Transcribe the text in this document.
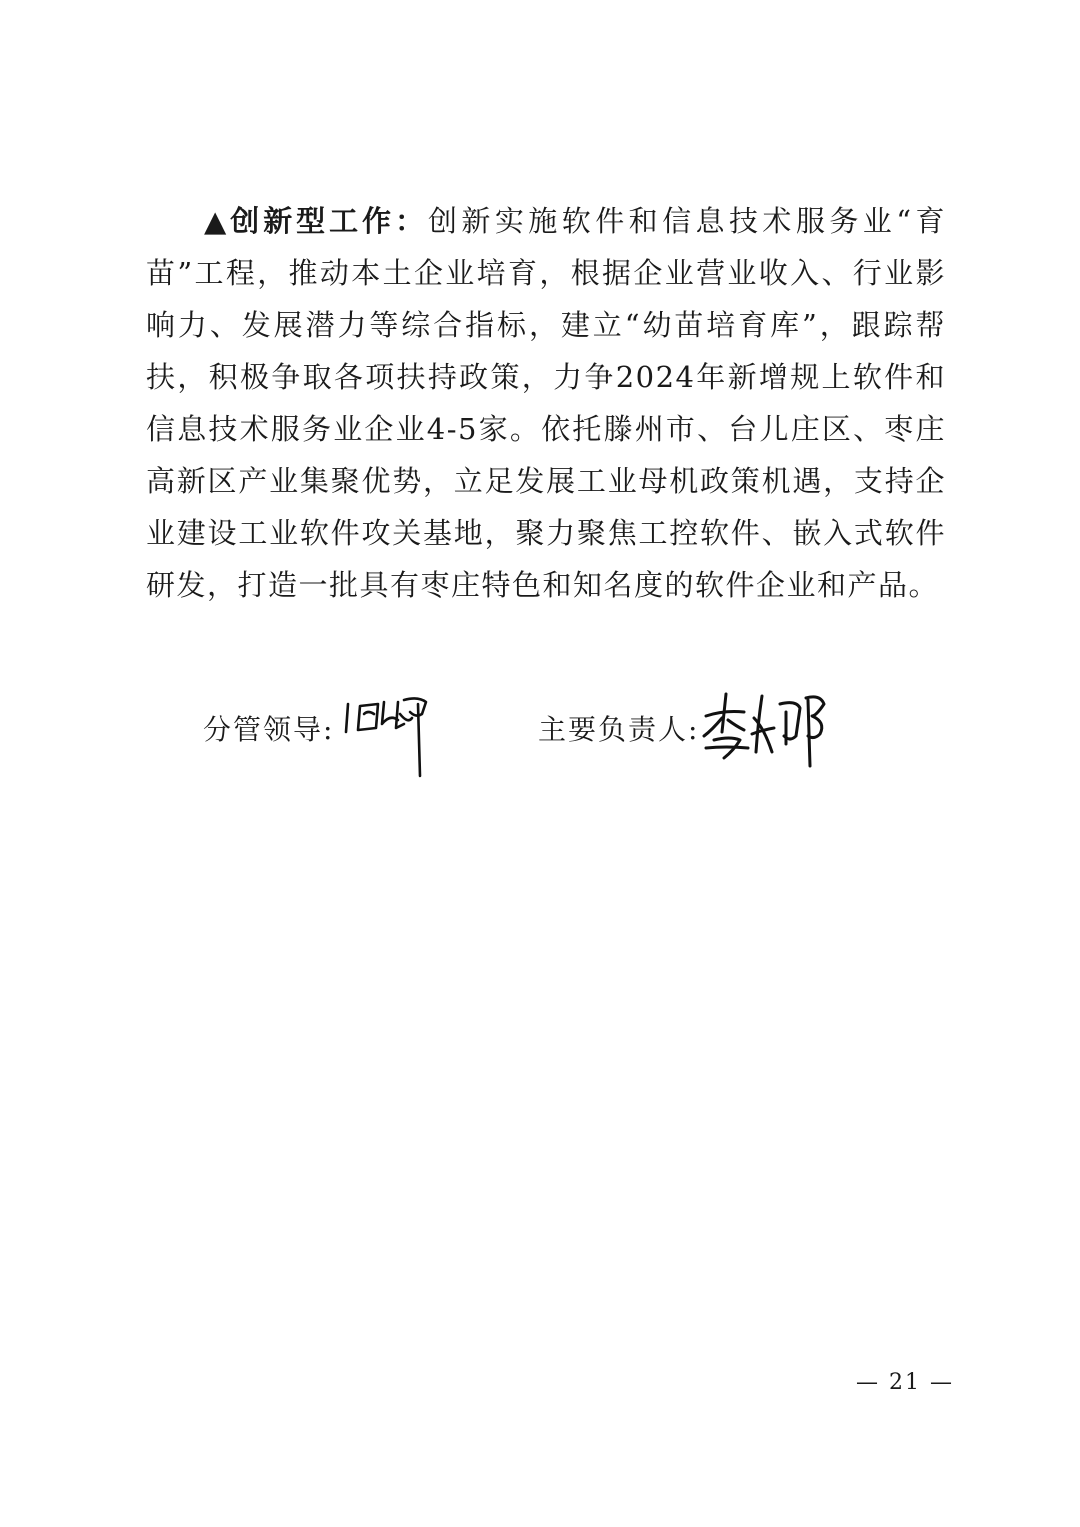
▲创新型工作：创新实施软件和信息技术服务业“育苗”工程，推动本土企业培育，根据企业营业收入、行业影响力、发展潜力等综合指标，建立“幼苗培育库”，跟踪帮扶，积极争取各项扶持政策，力争2024年新增规上软件和信息技术服务业企业4-5家。依托滕州市、台儿庄区、枣庄高新区产业集聚优势，立足发展工业母机政策机遇，支持企业建设工业软件攻关基地，聚力聚焦工控软件、嵌入式软件研发，打造一批具有枣庄特色和知名度的软件企业和产品。

分管领导:	主要负责人:
— 21 —
